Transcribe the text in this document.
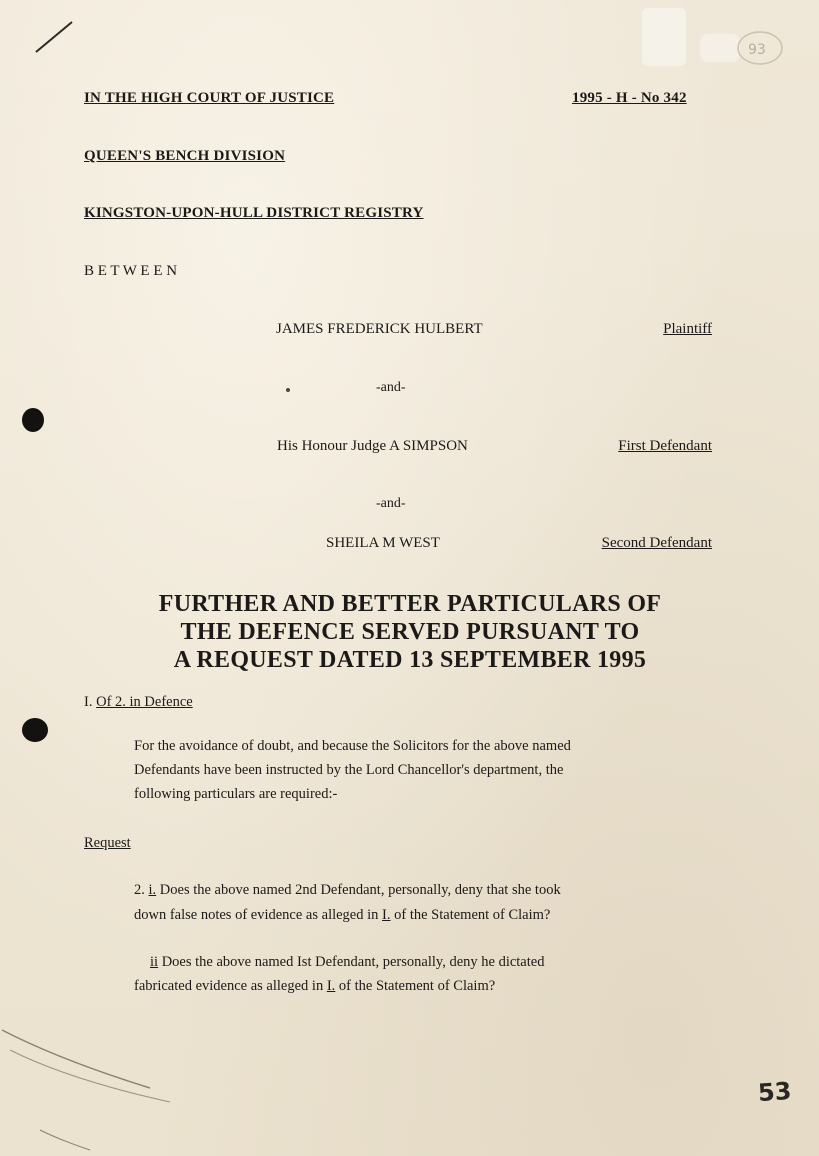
93
IN THE HIGH COURT OF JUSTICE	1995 - H - No 342
QUEEN'S BENCH DIVISION
KINGSTON-UPON-HULL DISTRICT REGISTRY
B E T W E E N
JAMES FREDERICK HULBERT	Plaintiff
-and-
His Honour Judge A SIMPSON	First Defendant
-and-
SHEILA M WEST	Second Defendant
FURTHER AND BETTER PARTICULARS OF
THE DEFENCE SERVED PURSUANT TO
A REQUEST DATED 13 SEPTEMBER 1995
I. Of 2. in Defence
For the avoidance of doubt, and because the Solicitors for the above named
Defendants have been instructed by the Lord Chancellor's department, the
following particulars are required:-
Request
2. i. Does the above named 2nd Defendant, personally, deny that she took
down false notes of evidence as alleged in I. of the Statement of Claim?
ii Does the above named Ist Defendant, personally, deny he dictated
fabricated evidence as alleged in I. of the Statement of Claim?
53
